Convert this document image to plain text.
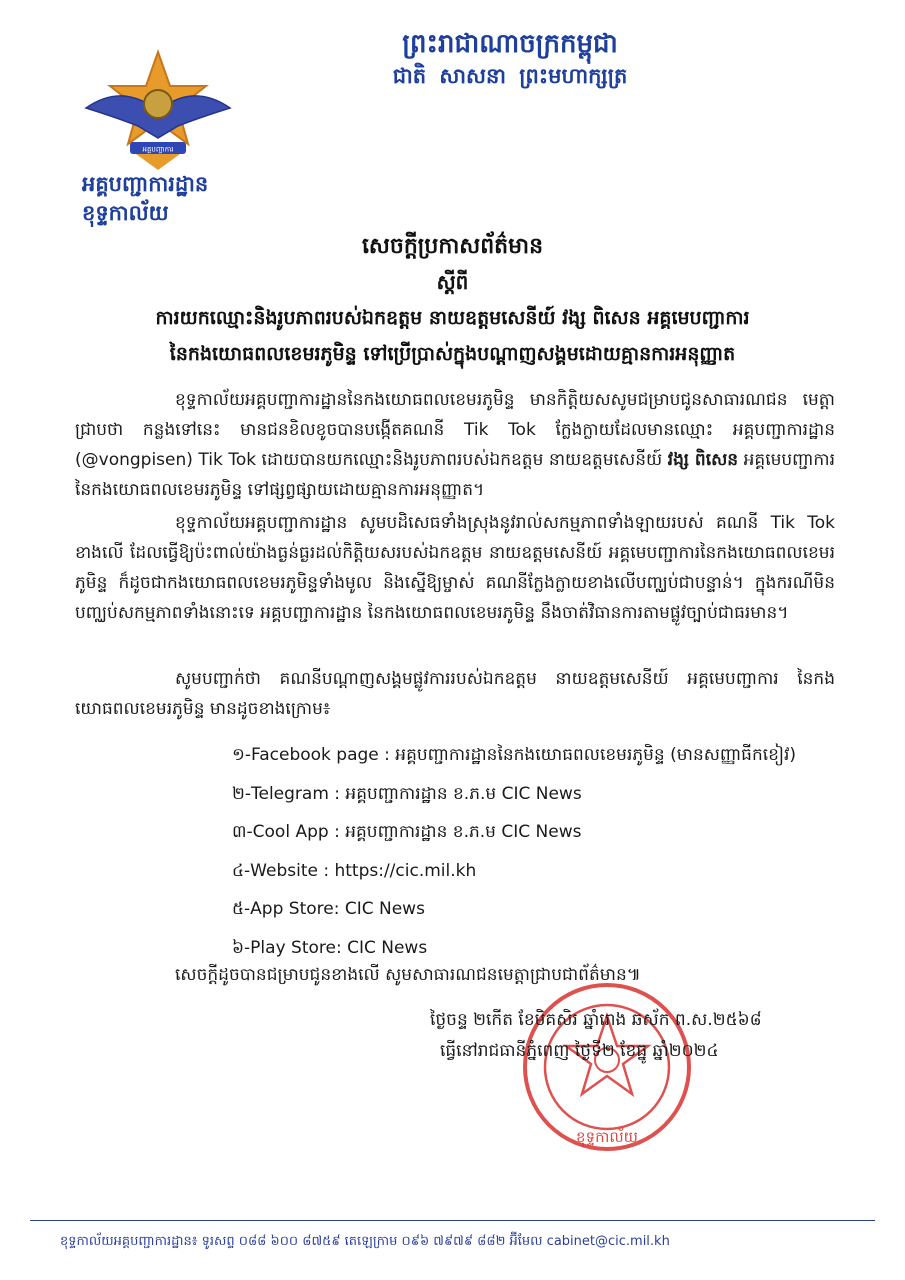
ព្រះរាជាណាចក្រកម្ពុជា
ជាតិ សាសនា ព្រះមហាក្សត្រ
អគ្គបញ្ជាការ
អគ្គបញ្ជាការដ្ឋាន
ខុទ្ទកាល័យ
សេចក្តីប្រកាសព័ត៌មាន
ស្តីពី
ការយកឈ្មោះនិងរូបភាពរបស់ឯកឧត្តម នាយឧត្តមសេនីយ៍ វង្ស ពិសេន អគ្គមេបញ្ជាការ
នៃកងយោធពលខេមរភូមិន្ទ ទៅប្រើប្រាស់ក្នុងបណ្តាញសង្គមដោយគ្មានការអនុញ្ញាត
ខុទ្ទកាល័យអគ្គបញ្ជាការដ្ឋាននៃកងយោធពលខេមរភូមិន្ទ មានកិត្តិយសសូមជម្រាបជូនសាធារណជន មេត្តាជ្រាបថា កន្លងទៅនេះ មានជនខិលខូចបានបង្កើតគណនី Tik Tok ក្លែងក្លាយដែលមានឈ្មោះ អគ្គបញ្ជាការដ្ឋាន (@vongpisen) Tik Tok ដោយបានយកឈ្មោះនិងរូបភាពរបស់ឯកឧត្តម នាយឧត្តមសេនីយ៍ វង្ស ពិសេន អគ្គមេបញ្ជាការនៃកងយោធពលខេមរភូមិន្ទ ទៅផ្សព្វផ្សាយដោយគ្មានការអនុញ្ញាត។
ខុទ្ទកាល័យអគ្គបញ្ជាការដ្ឋាន សូមបដិសេធទាំងស្រុងនូវរាល់សកម្មភាពទាំងឡាយរបស់ គណនី Tik Tok ខាងលើ ដែលធ្វើឱ្យប៉ះពាល់យ៉ាងធ្ងន់ធ្ងរដល់កិត្តិយសរបស់ឯកឧត្តម នាយឧត្តមសេនីយ៍ អគ្គមេបញ្ជាការនៃកងយោធពលខេមរភូមិន្ទ ក៏ដូចជាកងយោធពលខេមរភូមិន្ទទាំងមូល និងស្នើឱ្យម្ចាស់ គណនីក្លែងក្លាយខាងលើបញ្ឈប់ជាបន្ទាន់។ ក្នុងករណីមិនបញ្ឈប់សកម្មភាពទាំងនោះទេ អគ្គបញ្ជាការដ្ឋាន នៃកងយោធពលខេមរភូមិន្ទ នឹងចាត់វិធានការតាមផ្លូវច្បាប់ជាធរមាន។
សូមបញ្ជាក់ថា គណនីបណ្តាញសង្គមផ្លូវការរបស់ឯកឧត្តម នាយឧត្តមសេនីយ៍ អគ្គមេបញ្ជាការ នៃកងយោធពលខេមរភូមិន្ទ មានដូចខាងក្រោម៖
១-Facebook page : អគ្គបញ្ជាការដ្ឋាននៃកងយោធពលខេមរភូមិន្ទ (មានសញ្ញាធីកខៀវ)
២-Telegram : អគ្គបញ្ជាការដ្ឋាន ខ.ភ.ម CIC News
៣-Cool App : អគ្គបញ្ជាការដ្ឋាន ខ.ភ.ម CIC News
៤-Website : https://cic.mil.kh
៥-App Store: CIC News
៦-Play Store: CIC News
សេចក្តីដូចបានជម្រាបជូនខាងលើ សូមសាធារណជនមេត្តាជ្រាបជាព័ត៌មាន៕
ខុទ្ទកាល័យ
ថ្ងៃចន្ទ ២កើត ខែមិគសិរ ឆ្នាំរោង ឆស័ក ព.ស.២៥៦៨
ធ្វើនៅរាជធានីភ្នំពេញ ថ្ងៃទី២ ខែធ្នូ ឆ្នាំ២០២៤
ខុទ្ទកាល័យអគ្គបញ្ជាការដ្ឋាន៖ ទូរសព្ទ ០៨៨ ៦០០ ៨៧៥៩ តេឡេក្រាម ០៩៦ ៧៩៧៩ ៨៨២ អ៊ីមែល cabinet@cic.mil.kh
